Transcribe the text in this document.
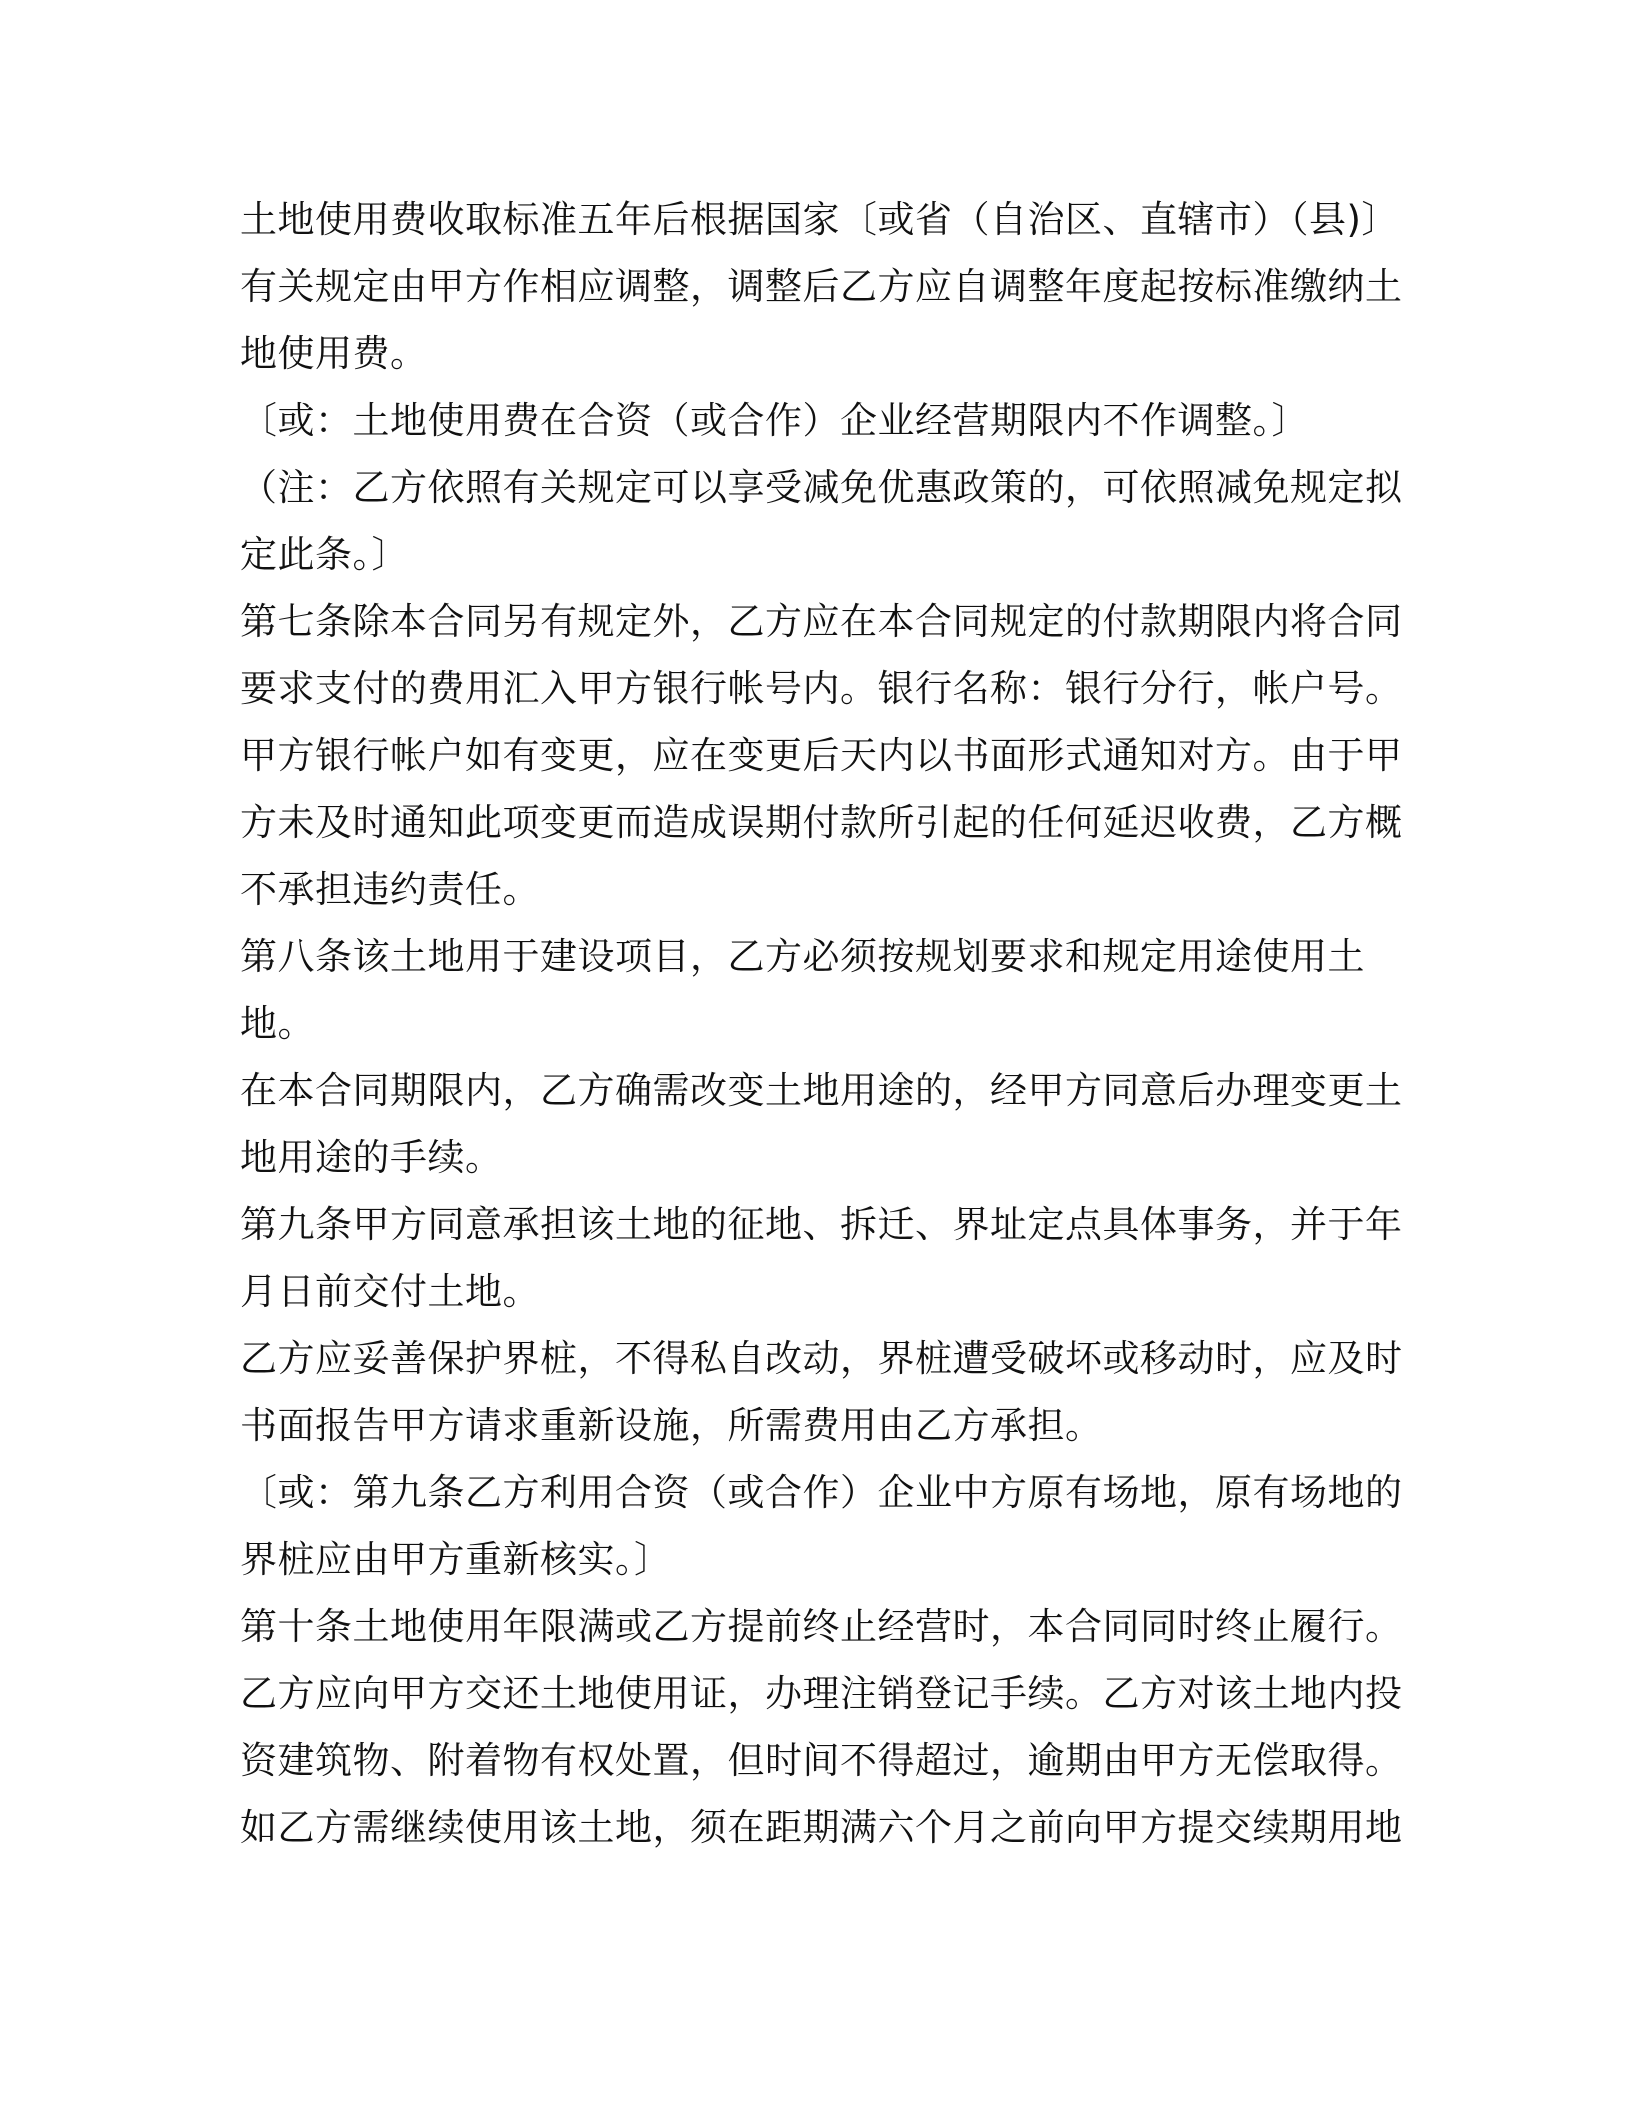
土地使用费收取标准五年后根据国家〔或省（自治区、直辖市）（县)〕
有关规定由甲方作相应调整，调整后乙方应自调整年度起按标准缴纳土
地使用费。
〔或：土地使用费在合资（或合作）企业经营期限内不作调整。〕
（注：乙方依照有关规定可以享受减免优惠政策的，可依照减免规定拟
定此条。〕
第七条除本合同另有规定外，乙方应在本合同规定的付款期限内将合同
要求支付的费用汇入甲方银行帐号内。银行名称：银行分行，帐户号。
甲方银行帐户如有变更，应在变更后天内以书面形式通知对方。由于甲
方未及时通知此项变更而造成误期付款所引起的任何延迟收费，乙方概
不承担违约责任。
第八条该土地用于建设项目，乙方必须按规划要求和规定用途使用土
地。
在本合同期限内，乙方确需改变土地用途的，经甲方同意后办理变更土
地用途的手续。
第九条甲方同意承担该土地的征地、拆迁、界址定点具体事务，并于年
月日前交付土地。
乙方应妥善保护界桩，不得私自改动，界桩遭受破坏或移动时，应及时
书面报告甲方请求重新设施，所需费用由乙方承担。
〔或：第九条乙方利用合资（或合作）企业中方原有场地，原有场地的
界桩应由甲方重新核实。〕
第十条土地使用年限满或乙方提前终止经营时，本合同同时终止履行。
乙方应向甲方交还土地使用证，办理注销登记手续。乙方对该土地内投
资建筑物、附着物有权处置，但时间不得超过，逾期由甲方无偿取得。
如乙方需继续使用该土地，须在距期满六个月之前向甲方提交续期用地
